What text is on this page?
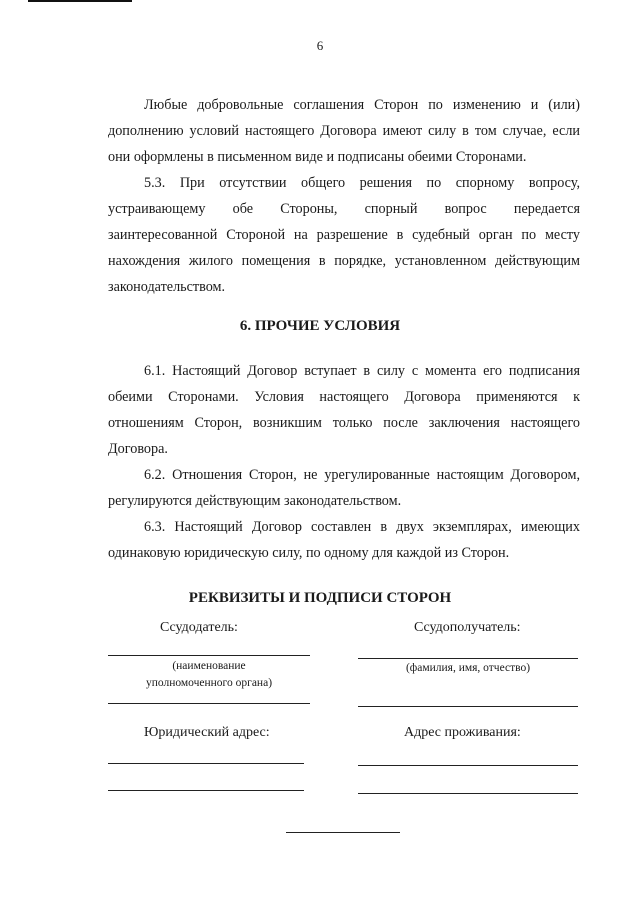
6
Любые добровольные соглашения Сторон по изменению и (или)
дополнению условий настоящего Договора имеют силу в том случае, если
они оформлены в письменном виде и подписаны обеими Сторонами.
5.3. При отсутствии общего решения по спорному вопросу,
устраивающему обе Стороны, спорный вопрос передается
заинтересованной Стороной на разрешение в судебный орган по месту
нахождения жилого помещения в порядке, установленном действующим
законодательством.
6. ПРОЧИЕ УСЛОВИЯ
6.1. Настоящий Договор вступает в силу с момента его подписания
обеими Сторонами. Условия настоящего Договора применяются к
отношениям Сторон, возникшим только после заключения настоящего
Договора.
6.2. Отношения Сторон, не урегулированные настоящим Договором,
регулируются действующим законодательством.
6.3. Настоящий Договор составлен в двух экземплярах, имеющих
одинаковую юридическую силу, по одному для каждой из Сторон.
РЕКВИЗИТЫ И ПОДПИСИ СТОРОН
Ссудодатель:	Ссудополучатель:
(наименование
уполномоченного органа)
(фамилия, имя, отчество)
Юридический адрес:	Адрес проживания:
